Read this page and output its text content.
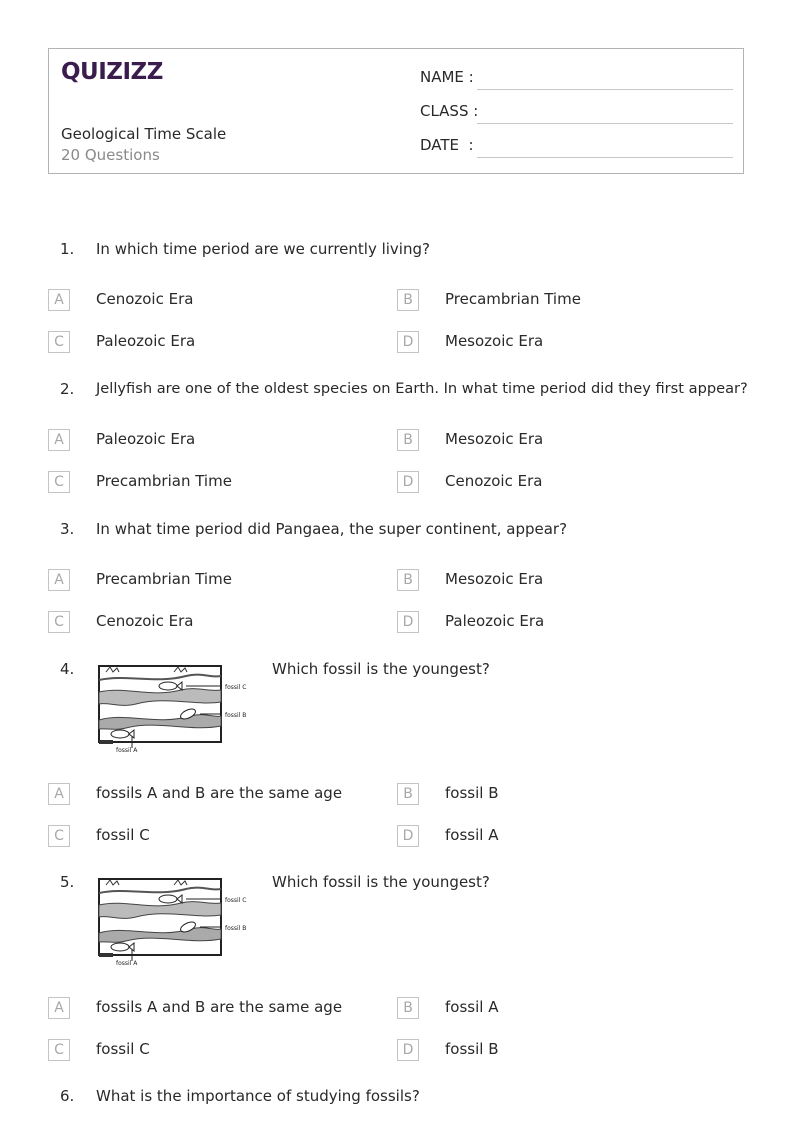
QUIZIZZ
Geological Time Scale
20 Questions
NAME :
CLASS :
DATE  :
1. In which time period are we currently living?
A	Cenozoic Era	B	Precambrian Time
C	Paleozoic Era	D	Mesozoic Era
2. Jellyfish are one of the oldest species on Earth. In what time period did they first appear?
A	Paleozoic Era	B	Mesozoic Era
C	Precambrian Time	D	Cenozoic Era
3. In what time period did Pangaea, the super continent, appear?
A	Precambrian Time	B	Mesozoic Era
C	Cenozoic Era	D	Paleozoic Era
4.
fossil C
fossil B
fossil A
Which fossil is the youngest?
A	fossils A and B are the same age	B	fossil B
C	fossil C	D	fossil A
5.
fossil C
fossil B
fossil A
Which fossil is the youngest?
A	fossils A and B are the same age	B	fossil A
C	fossil C	D	fossil B
6. What is the importance of studying fossils?
